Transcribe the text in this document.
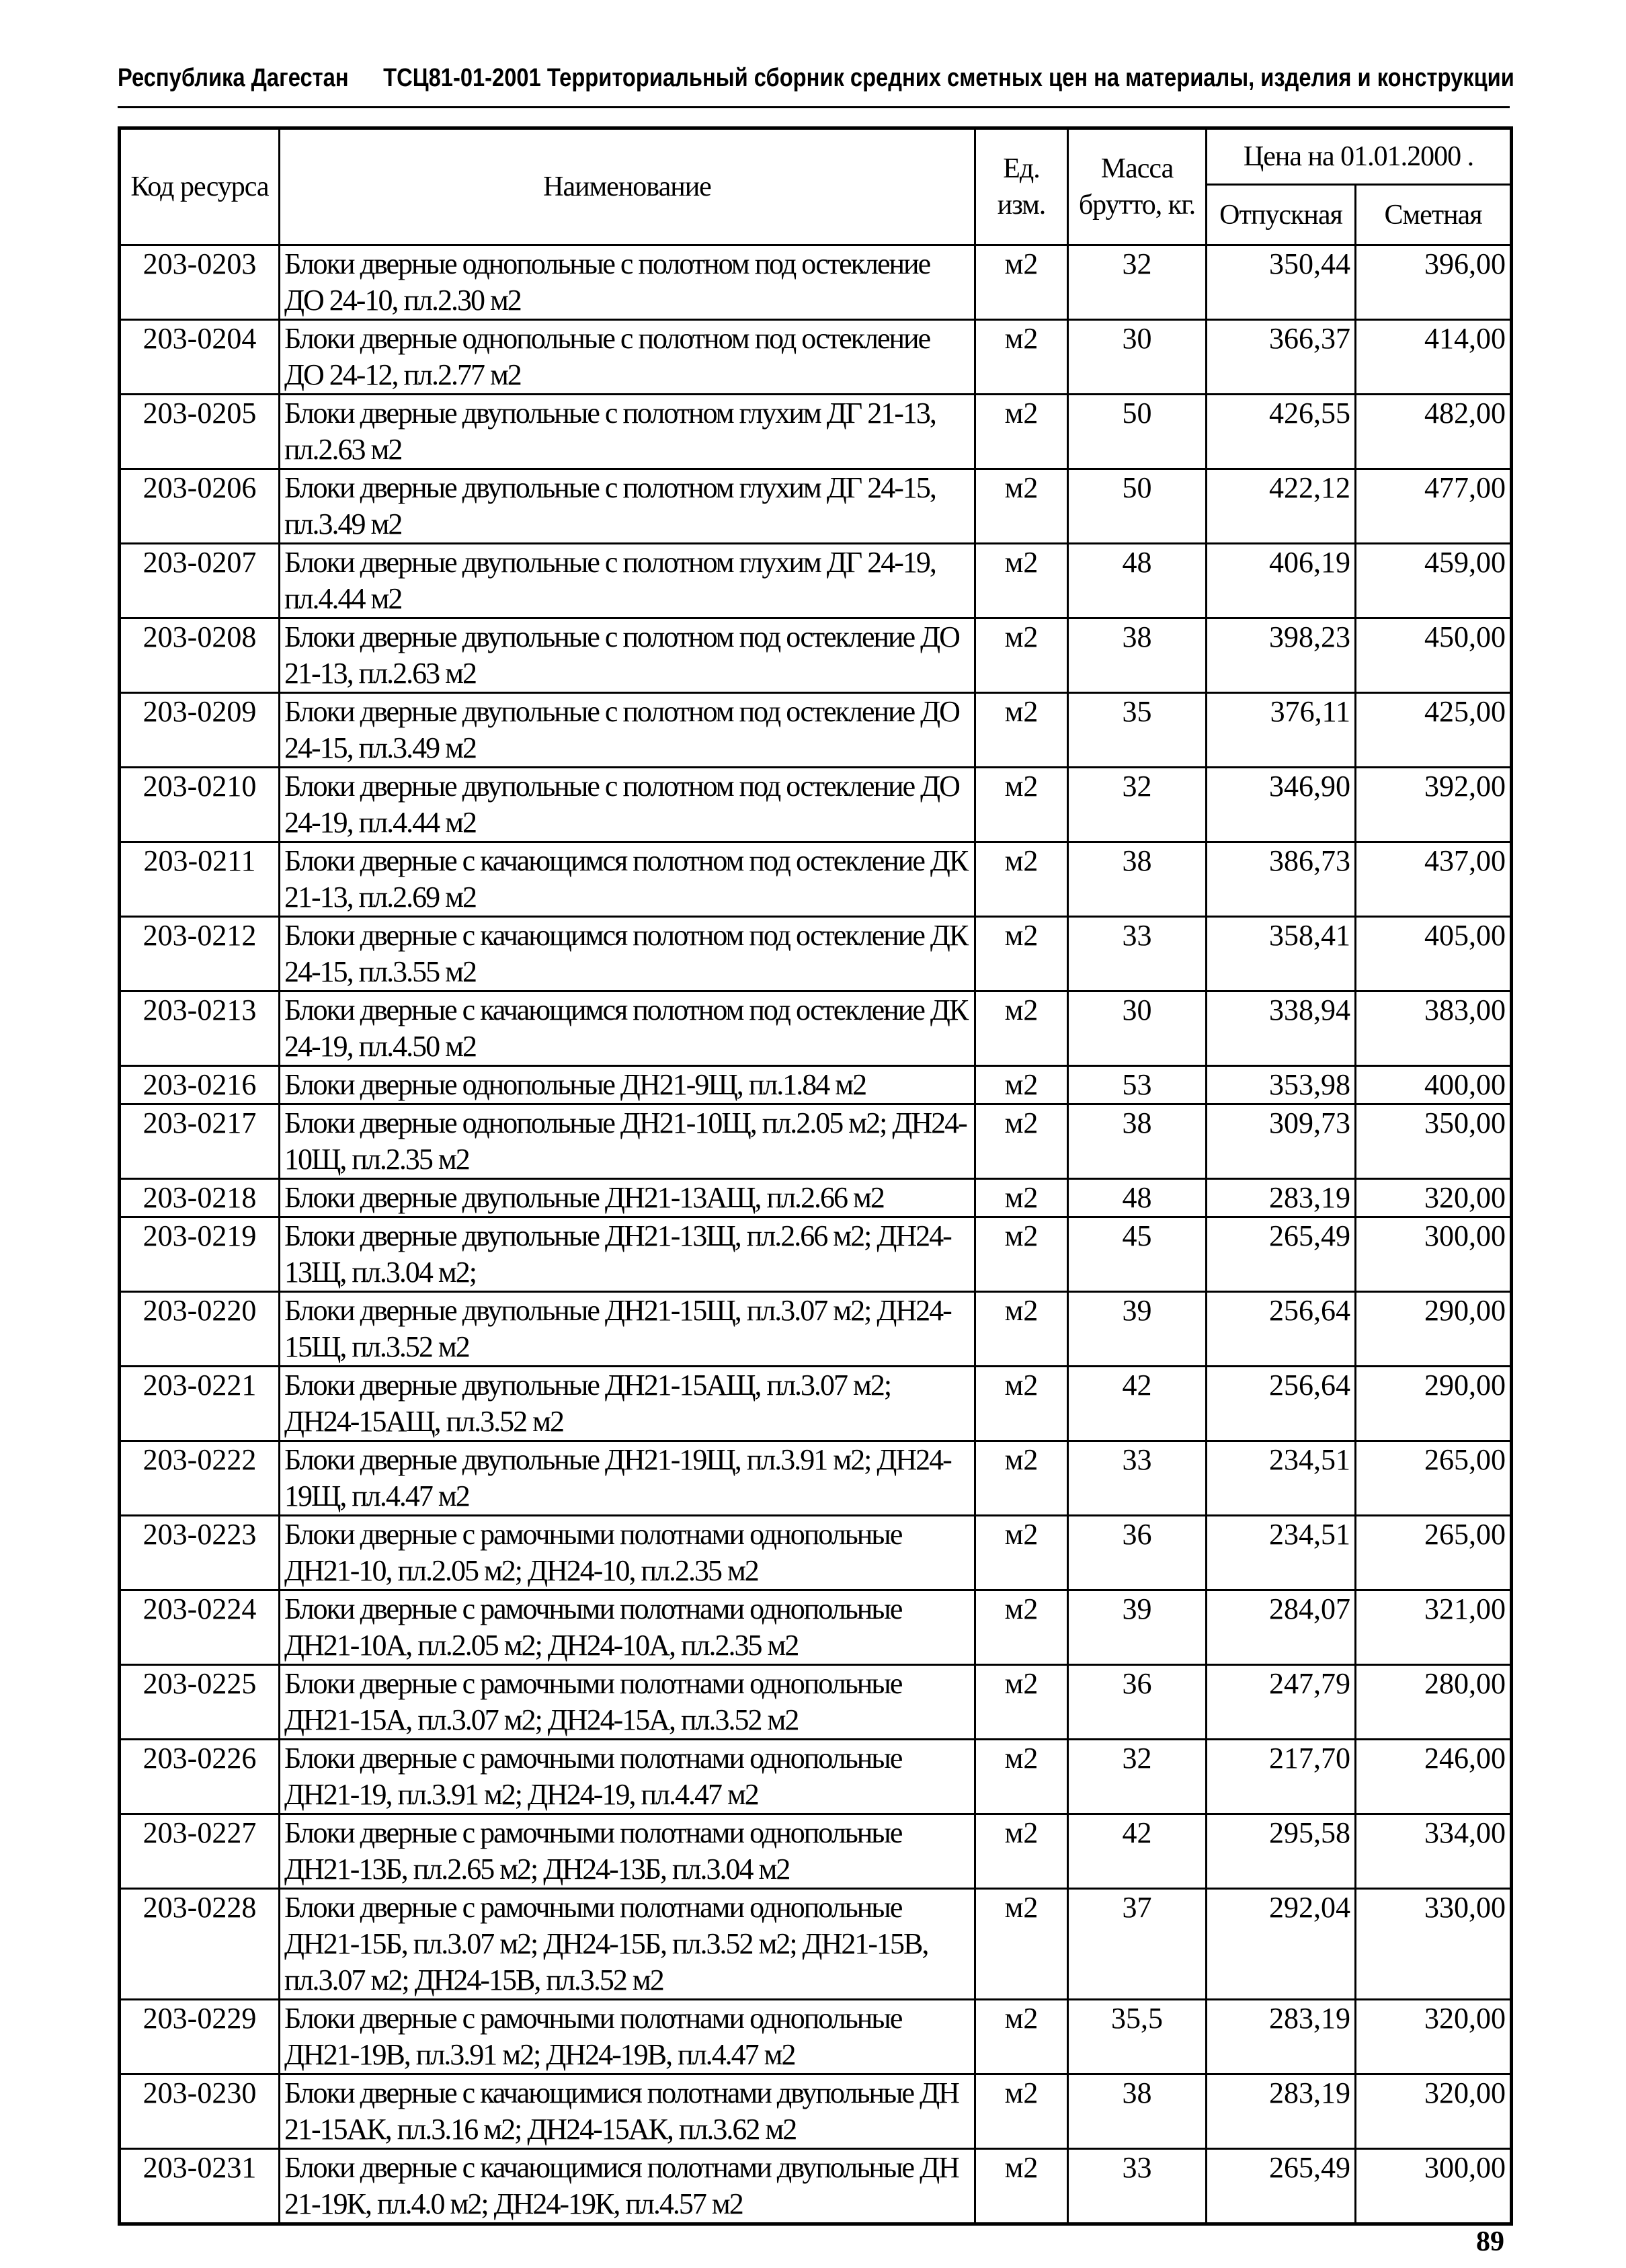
Республика Дагестан ТСЦ81-01-2001 Территориальный сборник средних сметных цен на материалы, изделия и конструкции
Код ресурса	Наименование	Ед. изм.	Масса брутто, кг.	Цена на 01.01.2000 .	
				Отпускная	Сметная
203-0203	Блоки дверные однопольные с полотном под остекление ДО 24-10, пл.2.30 м2	м2	32	350,44	396,00
203-0204	Блоки дверные однопольные с полотном под остекление ДО 24-12, пл.2.77 м2	м2	30	366,37	414,00
203-0205	Блоки дверные двупольные с полотном глухим ДГ 21-13, пл.2.63 м2	м2	50	426,55	482,00
203-0206	Блоки дверные двупольные с полотном глухим ДГ 24-15, пл.3.49 м2	м2	50	422,12	477,00
203-0207	Блоки дверные двупольные с полотном глухим ДГ 24-19, пл.4.44 м2	м2	48	406,19	459,00
203-0208	Блоки дверные двупольные с полотном под остекление ДО 21-13, пл.2.63 м2	м2	38	398,23	450,00
203-0209	Блоки дверные двупольные с полотном под остекление ДО 24-15, пл.3.49 м2	м2	35	376,11	425,00
203-0210	Блоки дверные двупольные с полотном под остекление ДО 24-19, пл.4.44 м2	м2	32	346,90	392,00
203-0211	Блоки дверные с качающимся полотном под остекление ДК 21-13, пл.2.69 м2	м2	38	386,73	437,00
203-0212	Блоки дверные с качающимся полотном под остекление ДК 24-15, пл.3.55 м2	м2	33	358,41	405,00
203-0213	Блоки дверные с качающимся полотном под остекление ДК 24-19, пл.4.50 м2	м2	30	338,94	383,00
203-0216	Блоки дверные однопольные ДН21-9Щ, пл.1.84 м2	м2	53	353,98	400,00
203-0217	Блоки дверные однопольные ДН21-10Щ, пл.2.05 м2; ДН24-10Щ, пл.2.35 м2	м2	38	309,73	350,00
203-0218	Блоки дверные двупольные ДН21-13АЩ, пл.2.66 м2	м2	48	283,19	320,00
203-0219	Блоки дверные двупольные ДН21-13Щ, пл.2.66 м2; ДН24-13Щ, пл.3.04 м2;	м2	45	265,49	300,00
203-0220	Блоки дверные двупольные ДН21-15Щ, пл.3.07 м2; ДН24-15Щ, пл.3.52 м2	м2	39	256,64	290,00
203-0221	Блоки дверные двупольные ДН21-15АЩ, пл.3.07 м2; ДН24-15АЩ, пл.3.52 м2	м2	42	256,64	290,00
203-0222	Блоки дверные двупольные ДН21-19Щ, пл.3.91 м2; ДН24-19Щ, пл.4.47 м2	м2	33	234,51	265,00
203-0223	Блоки дверные с рамочными полотнами однопольные ДН21-10, пл.2.05 м2; ДН24-10, пл.2.35 м2	м2	36	234,51	265,00
203-0224	Блоки дверные с рамочными полотнами однопольные ДН21-10А, пл.2.05 м2; ДН24-10А, пл.2.35 м2	м2	39	284,07	321,00
203-0225	Блоки дверные с рамочными полотнами однопольные ДН21-15А, пл.3.07 м2; ДН24-15А, пл.3.52 м2	м2	36	247,79	280,00
203-0226	Блоки дверные с рамочными полотнами однопольные ДН21-19, пл.3.91 м2; ДН24-19, пл.4.47 м2	м2	32	217,70	246,00
203-0227	Блоки дверные с рамочными полотнами однопольные ДН21-13Б, пл.2.65 м2; ДН24-13Б, пл.3.04 м2	м2	42	295,58	334,00
203-0228	Блоки дверные с рамочными полотнами однопольные ДН21-15Б, пл.3.07 м2; ДН24-15Б, пл.3.52 м2; ДН21-15В, пл.3.07 м2; ДН24-15В, пл.3.52 м2	м2	37	292,04	330,00
203-0229	Блоки дверные с рамочными полотнами однопольные ДН21-19В, пл.3.91 м2; ДН24-19В, пл.4.47 м2	м2	35,5	283,19	320,00
203-0230	Блоки дверные с качающимися полотнами двупольные ДН 21-15АК, пл.3.16 м2; ДН24-15АК, пл.3.62 м2	м2	38	283,19	320,00
203-0231	Блоки дверные с качающимися полотнами двупольные ДН 21-19К, пл.4.0 м2; ДН24-19К, пл.4.57 м2	м2	33	265,49	300,00
89
